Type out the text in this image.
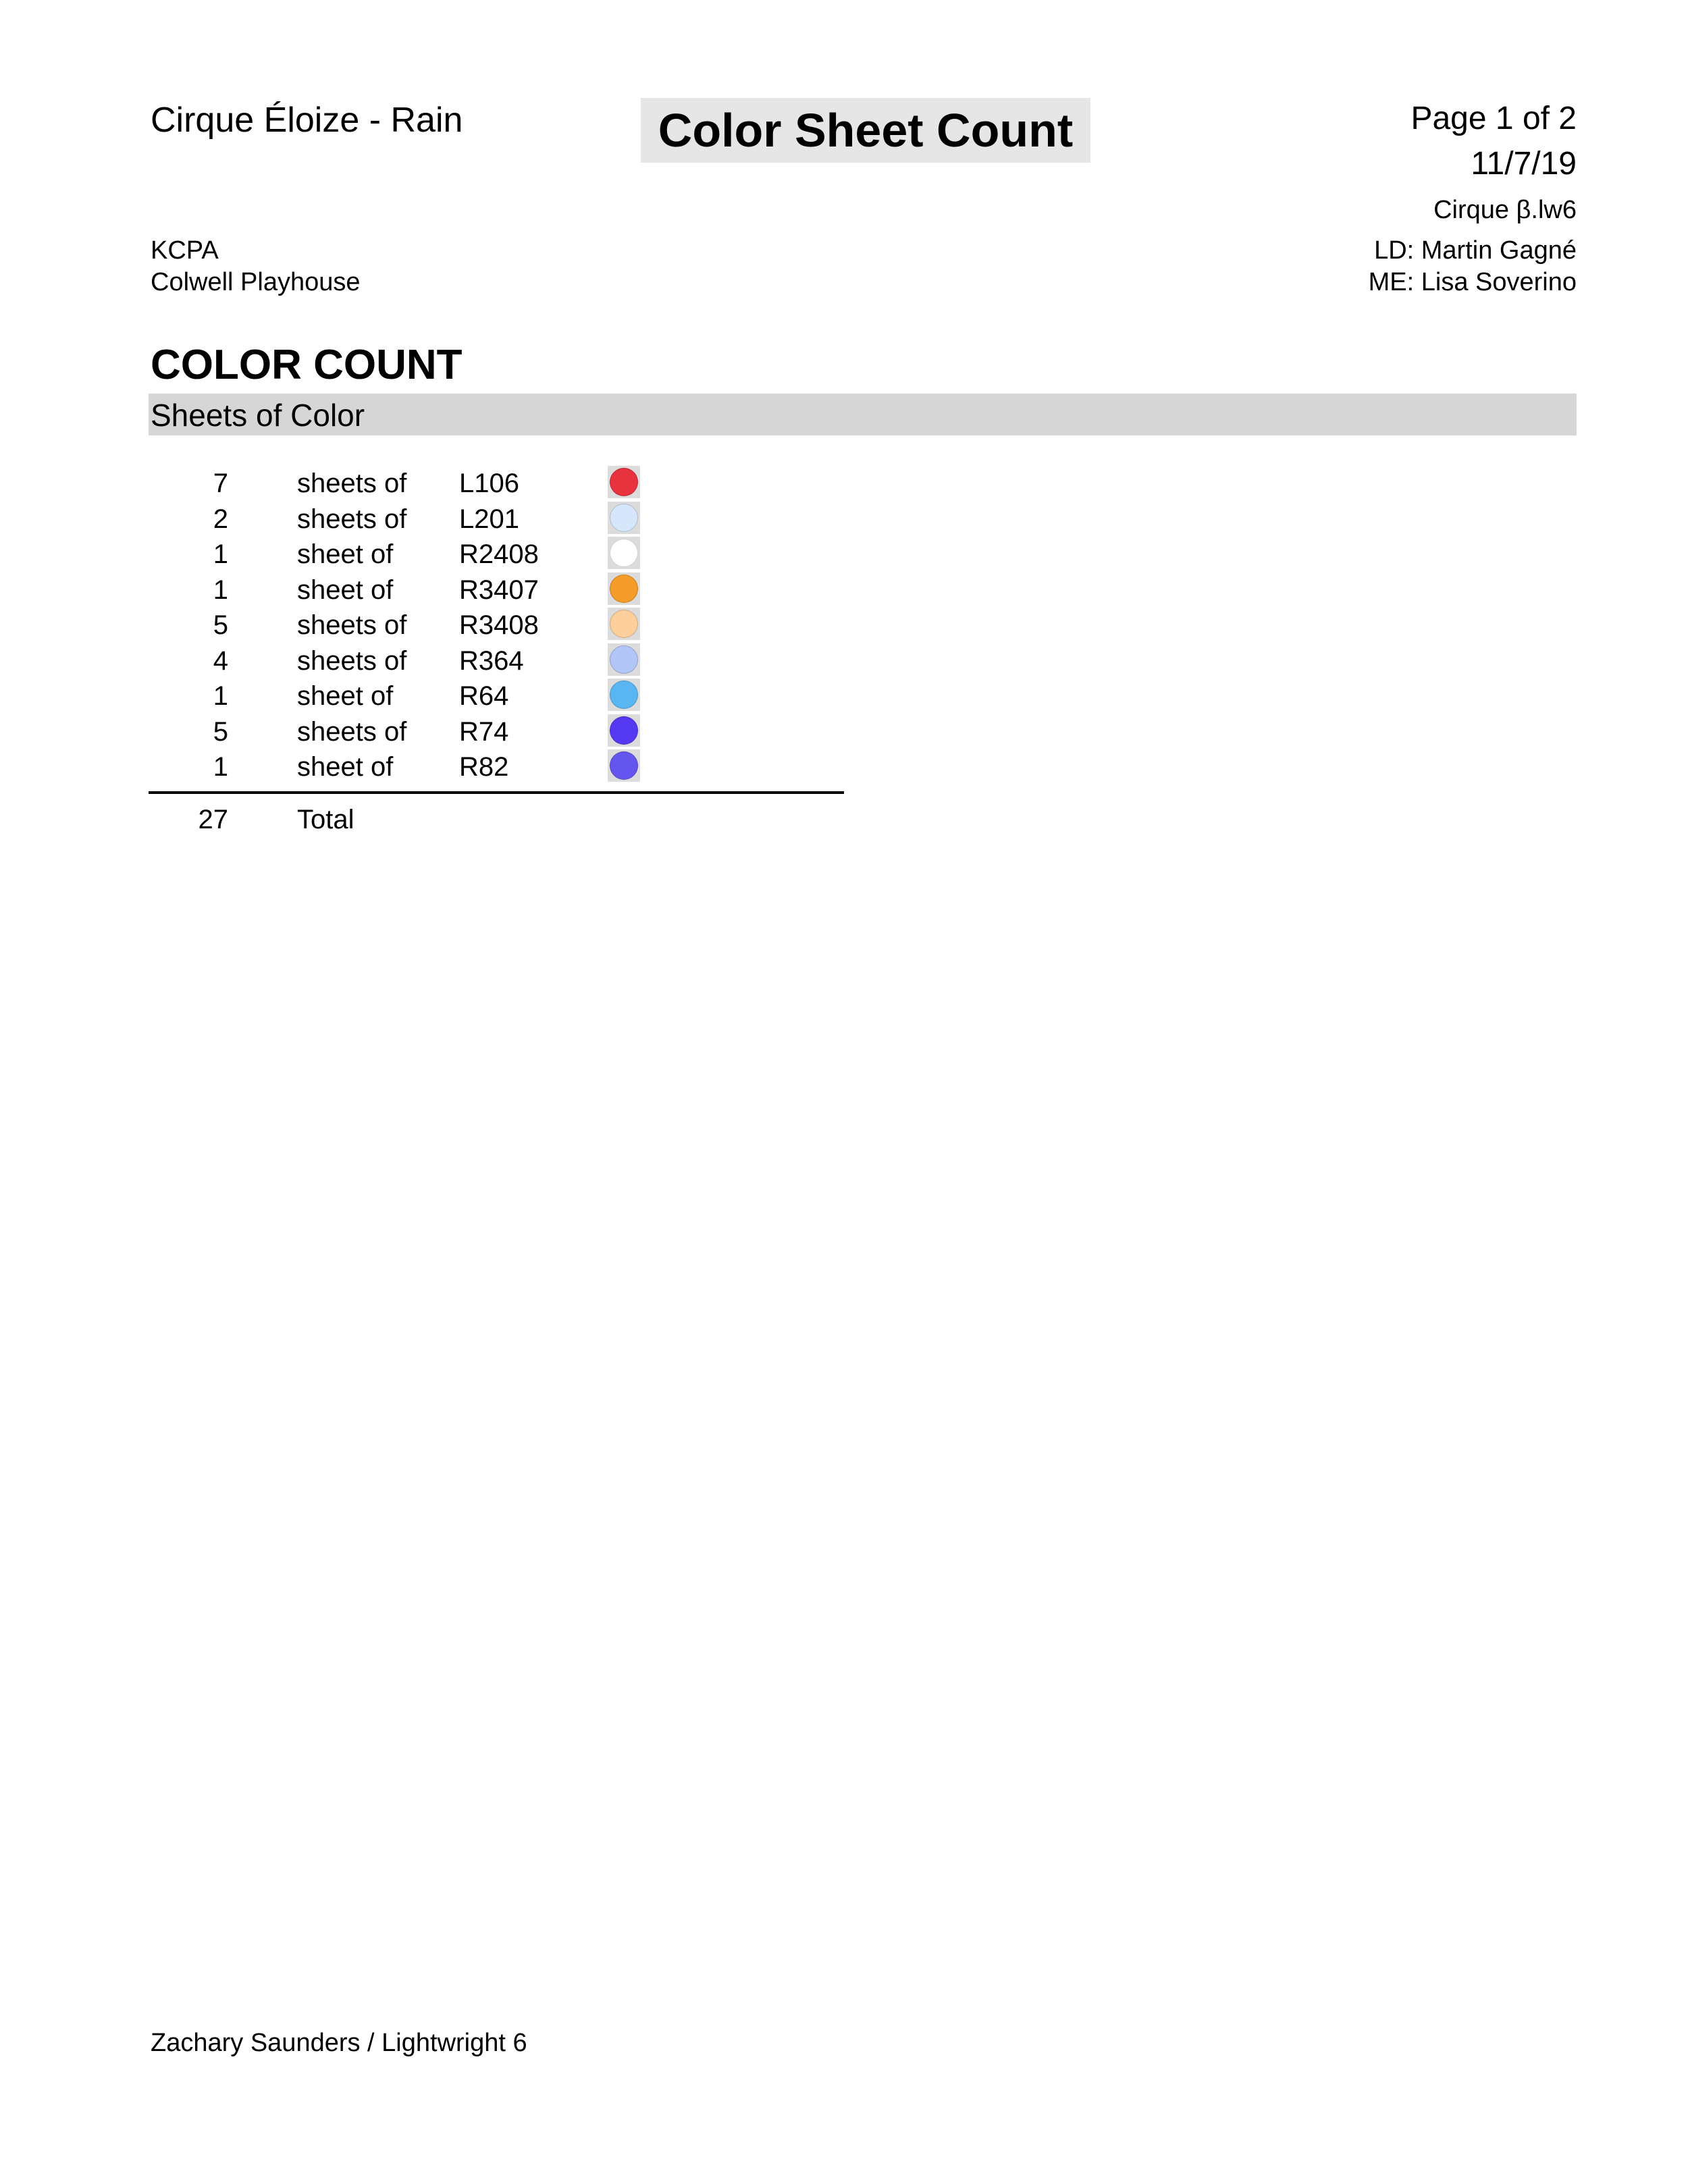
Cirque Éloize - Rain	Color Sheet Count	Page 1 of 2
11/7/19
Cirque β.lw6
LD: Martin Gagné
ME: Lisa Soverino
KCPA
Colwell Playhouse
COLOR COUNT
Sheets of Color
7	sheets of L106
2	sheets of L201
1	sheet of R2408
1	sheet of R3407
5	sheets of R3408
4	sheets of R364
1	sheet of R64
5	sheets of R74
1	sheet of R82
27	Total
Zachary Saunders / Lightwright 6
